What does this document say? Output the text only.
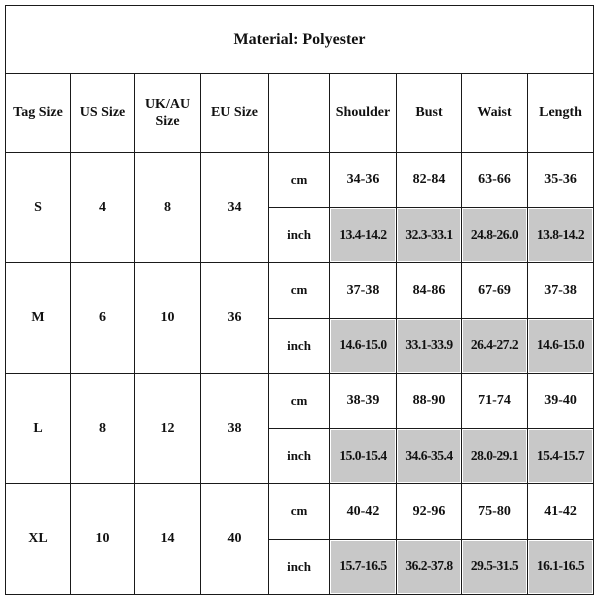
Material: Polyester								
Tag Size	US Size	UK/AU Size	EU Size		Shoulder	Bust	Waist	Length
S	4	8	34	cm	34-36	82-84	63-66	35-36
				inch	13.4-14.2	32.3-33.1	24.8-26.0	13.8-14.2
M	6	10	36	cm	37-38	84-86	67-69	37-38
				inch	14.6-15.0	33.1-33.9	26.4-27.2	14.6-15.0
L	8	12	38	cm	38-39	88-90	71-74	39-40
				inch	15.0-15.4	34.6-35.4	28.0-29.1	15.4-15.7
XL	10	14	40	cm	40-42	92-96	75-80	41-42
				inch	15.7-16.5	36.2-37.8	29.5-31.5	16.1-16.5
